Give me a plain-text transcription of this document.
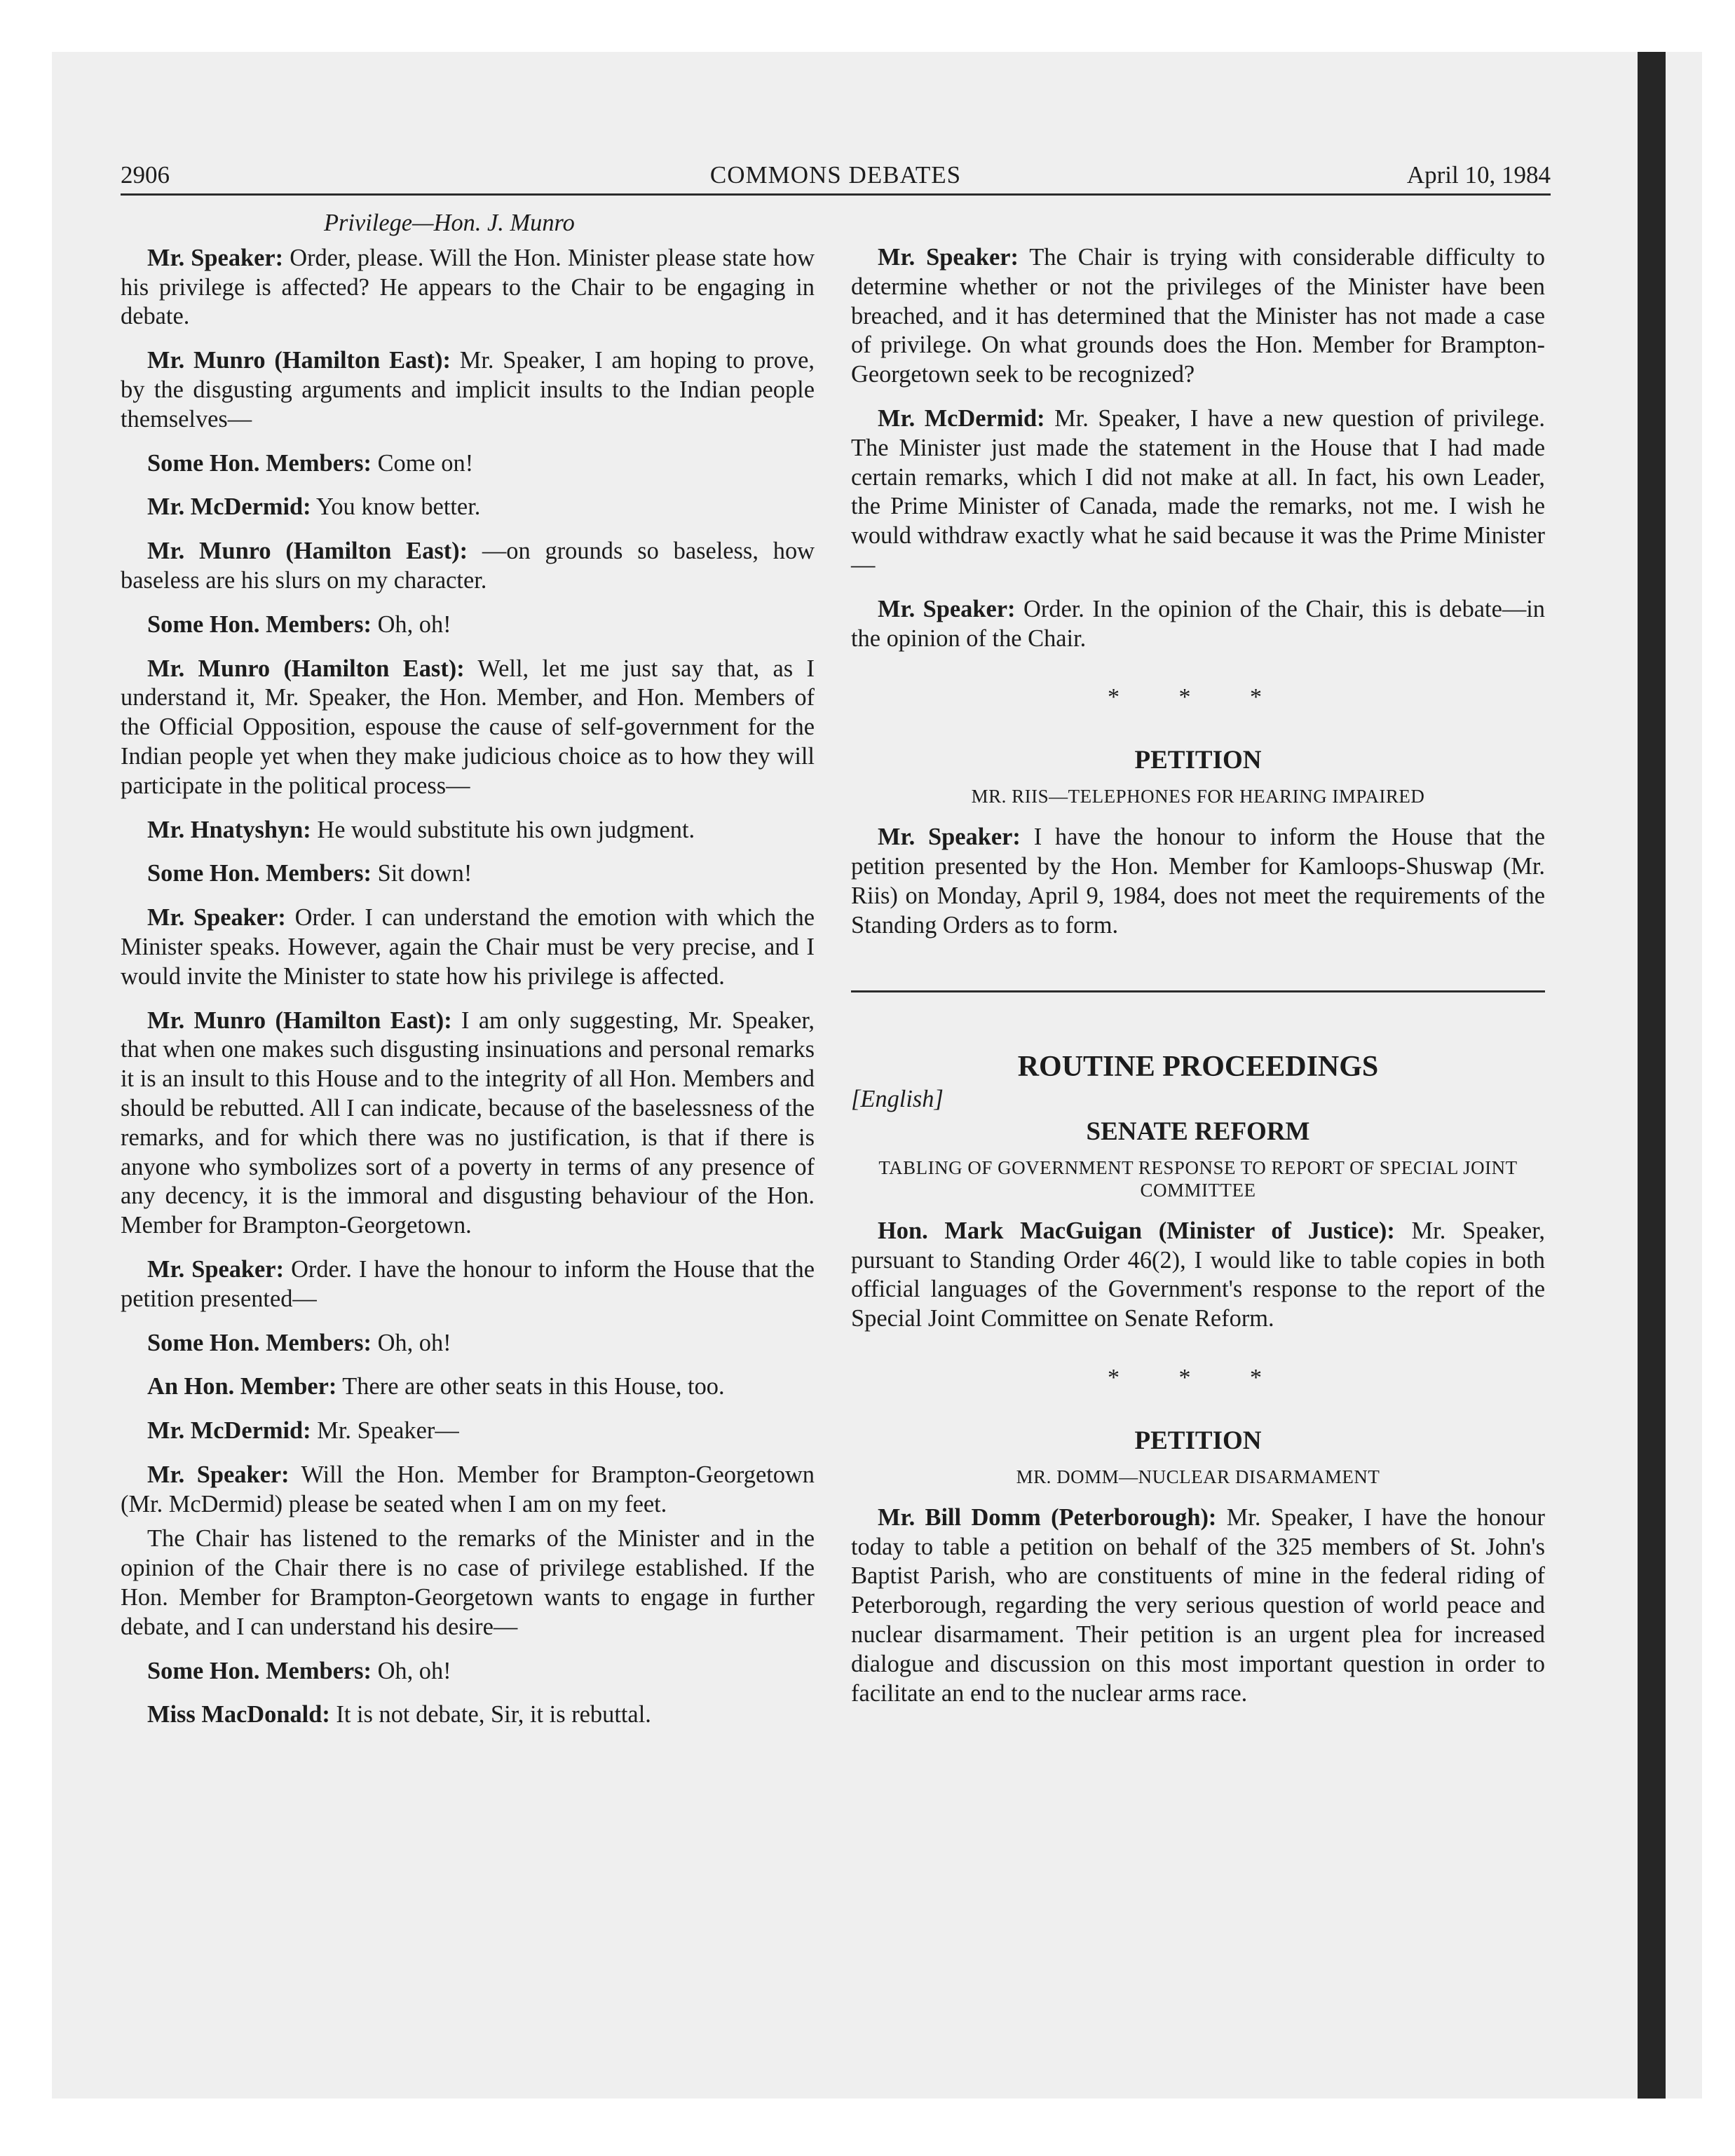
2906	COMMONS DEBATES	April 10, 1984

Privilege—Hon. J. Munro

Mr. Speaker: Order, please. Will the Hon. Minister please state how his privilege is affected? He appears to the Chair to be engaging in debate.

Mr. Munro (Hamilton East): Mr. Speaker, I am hoping to prove, by the disgusting arguments and implicit insults to the Indian people themselves—

Some Hon. Members: Come on!

Mr. McDermid: You know better.

Mr. Munro (Hamilton East): —on grounds so baseless, how baseless are his slurs on my character.

Some Hon. Members: Oh, oh!

Mr. Munro (Hamilton East): Well, let me just say that, as I understand it, Mr. Speaker, the Hon. Member, and Hon. Members of the Official Opposition, espouse the cause of self-government for the Indian people yet when they make judicious choice as to how they will participate in the political process—

Mr. Hnatyshyn: He would substitute his own judgment.

Some Hon. Members: Sit down!

Mr. Speaker: Order. I can understand the emotion with which the Minister speaks. However, again the Chair must be very precise, and I would invite the Minister to state how his privilege is affected.

Mr. Munro (Hamilton East): I am only suggesting, Mr. Speaker, that when one makes such disgusting insinuations and personal remarks it is an insult to this House and to the integrity of all Hon. Members and should be rebutted. All I can indicate, because of the baselessness of the remarks, and for which there was no justification, is that if there is anyone who symbolizes sort of a poverty in terms of any presence of any decency, it is the immoral and disgusting behaviour of the Hon. Member for Brampton-Georgetown.

Mr. Speaker: Order. I have the honour to inform the House that the petition presented—

Some Hon. Members: Oh, oh!

An Hon. Member: There are other seats in this House, too.

Mr. McDermid: Mr. Speaker—

Mr. Speaker: Will the Hon. Member for Brampton-Georgetown (Mr. McDermid) please be seated when I am on my feet.

The Chair has listened to the remarks of the Minister and in the opinion of the Chair there is no case of privilege established. If the Hon. Member for Brampton-Georgetown wants to engage in further debate, and I can understand his desire—

Some Hon. Members: Oh, oh!

Miss MacDonald: It is not debate, Sir, it is rebuttal.

Mr. Speaker: The Chair is trying with considerable difficulty to determine whether or not the privileges of the Minister have been breached, and it has determined that the Minister has not made a case of privilege. On what grounds does the Hon. Member for Brampton-Georgetown seek to be recognized?

Mr. McDermid: Mr. Speaker, I have a new question of privilege. The Minister just made the statement in the House that I had made certain remarks, which I did not make at all. In fact, his own Leader, the Prime Minister of Canada, made the remarks, not me. I wish he would withdraw exactly what he said because it was the Prime Minister—

Mr. Speaker: Order. In the opinion of the Chair, this is debate—in the opinion of the Chair.

* * *
PETITION
MR. RIIS—TELEPHONES FOR HEARING IMPAIRED

Mr. Speaker: I have the honour to inform the House that the petition presented by the Hon. Member for Kamloops-Shuswap (Mr. Riis) on Monday, April 9, 1984, does not meet the requirements of the Standing Orders as to form.

ROUTINE PROCEEDINGS
[English]
SENATE REFORM
TABLING OF GOVERNMENT RESPONSE TO REPORT OF SPECIAL JOINT COMMITTEE

Hon. Mark MacGuigan (Minister of Justice): Mr. Speaker, pursuant to Standing Order 46(2), I would like to table copies in both official languages of the Government's response to the report of the Special Joint Committee on Senate Reform.

* * *
PETITION
MR. DOMM—NUCLEAR DISARMAMENT

Mr. Bill Domm (Peterborough): Mr. Speaker, I have the honour today to table a petition on behalf of the 325 members of St. John's Baptist Parish, who are constituents of mine in the federal riding of Peterborough, regarding the very serious question of world peace and nuclear disarmament. Their petition is an urgent plea for increased dialogue and discussion on this most important question in order to facilitate an end to the nuclear arms race.
